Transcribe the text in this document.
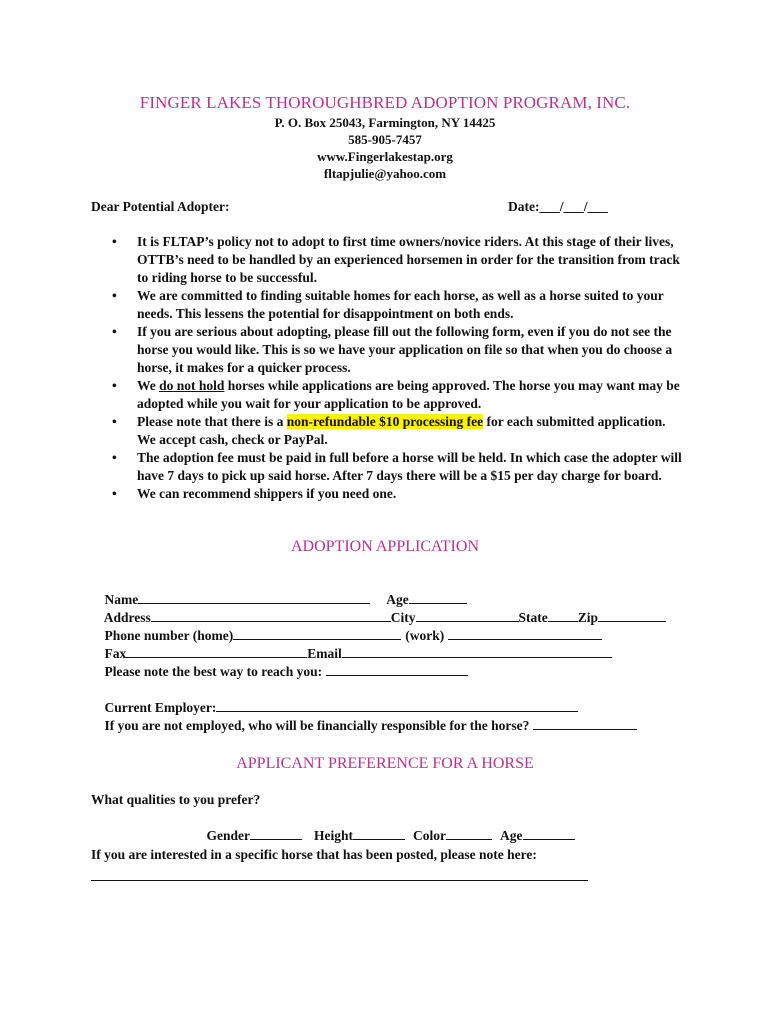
FINGER LAKES THOROUGHBRED ADOPTION PROGRAM, INC.
P. O. Box 25043, Farmington, NY 14425
585-905-7457
www.Fingerlakestap.org
fltapjulie@yahoo.com
Dear Potential Adopter:	Date:___/___/___
• It is FLTAP’s policy not to adopt to first time owners/novice riders. At this stage of their lives, OTTB’s need to be handled by an experienced horsemen in order for the transition from track to riding horse to be successful.
• We are committed to finding suitable homes for each horse, as well as a horse suited to your needs. This lessens the potential for disappointment on both ends.
• If you are serious about adopting, please fill out the following form, even if you do not see the horse you would like. This is so we have your application on file so that when you do choose a horse, it makes for a quicker process.
• We do not hold horses while applications are being approved. The horse you may want may be adopted while you wait for your application to be approved.
• Please note that there is a non-refundable $10 processing fee for each submitted application. We accept cash, check or PayPal.
• The adoption fee must be paid in full before a horse will be held. In which case the adopter will have 7 days to pick up said horse. After 7 days there will be a $15 per day charge for board.
• We can recommend shippers if you need one.
ADOPTION APPLICATION

Name	Age

Address	City	State Zip

Phone number (home)	(work)

Fax	Email

Please note the best way to reach you:

Current Employer:

If you are not employed, who will be financially responsible for the horse?

APPLICANT PREFERENCE FOR A HORSE
What qualities to you prefer?

Gender	Height	Color	Age

If you are interested in a specific horse that has been posted, please note here:
